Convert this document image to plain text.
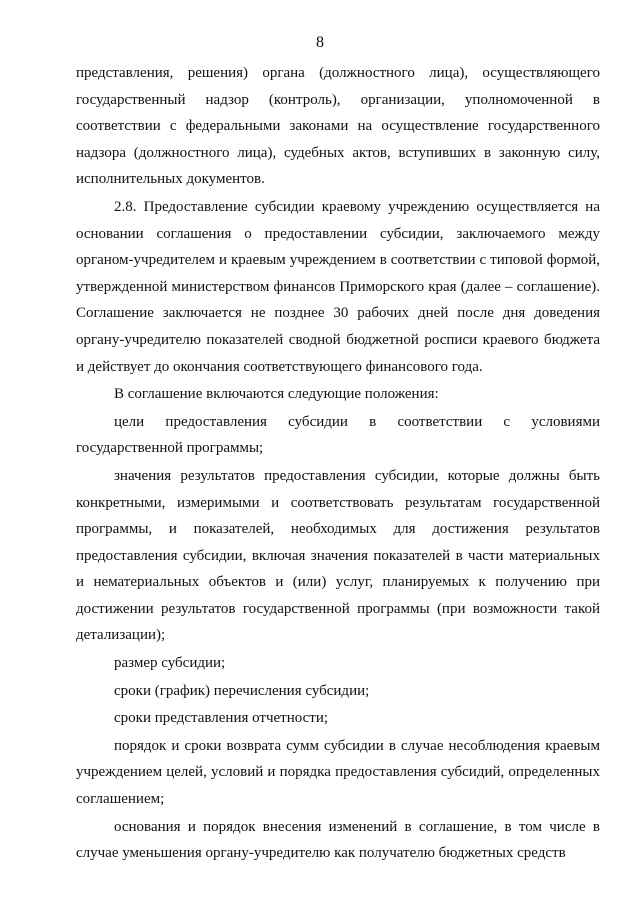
8

представления, решения) органа (должностного лица), осуществляющего государственный надзор (контроль), организации, уполномоченной в соответствии с федеральными законами на осуществление государственного надзора (должностного лица), судебных актов, вступивших в законную силу, исполнительных документов.

2.8. Предоставление субсидии краевому учреждению осуществляется на основании соглашения о предоставлении субсидии, заключаемого между органом-учредителем и краевым учреждением в соответствии с типовой формой, утвержденной министерством финансов Приморского края (далее – соглашение). Соглашение заключается не позднее 30 рабочих дней после дня доведения органу-учредителю показателей сводной бюджетной росписи краевого бюджета и действует до окончания соответствующего финансового года.

В соглашение включаются следующие положения:

цели предоставления субсидии в соответствии с условиями государственной программы;

значения результатов предоставления субсидии, которые должны быть конкретными, измеримыми и соответствовать результатам государственной программы, и показателей, необходимых для достижения результатов предоставления субсидии, включая значения показателей в части материальных и нематериальных объектов и (или) услуг, планируемых к получению при достижении результатов государственной программы (при возможности такой детализации);

размер субсидии;

сроки (график) перечисления субсидии;

сроки представления отчетности;

порядок и сроки возврата сумм субсидии в случае несоблюдения краевым учреждением целей, условий и порядка предоставления субсидий, определенных соглашением;

основания и порядок внесения изменений в соглашение, в том числе в случае уменьшения органу-учредителю как получателю бюджетных средств
